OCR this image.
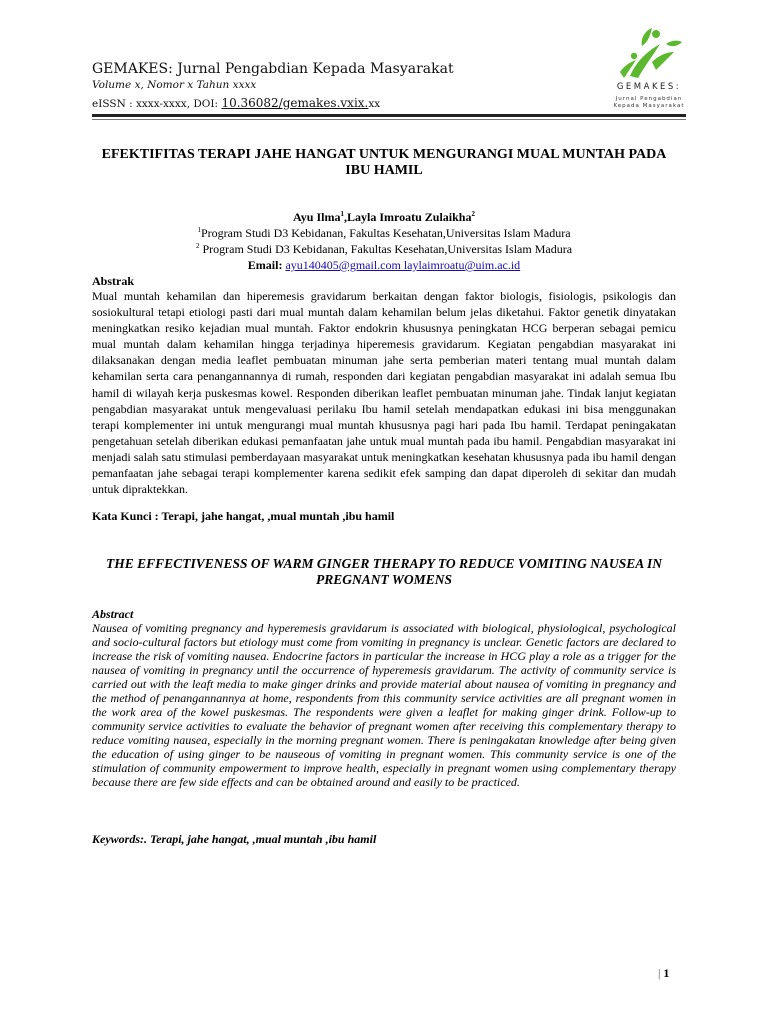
GEMAKES: Jurnal Pengabdian Kepada Masyarakat
Volume x, Nomor x Tahun xxxx
eISSN : xxxx-xxxx, DOI: 10.36082/gemakes.vxix.xx
GEMAKES:
Jurnal Pengabdian
Kepada Masyarakat
EFEKTIFITAS TERAPI JAHE HANGAT UNTUK MENGURANGI MUAL MUNTAH PADA IBU HAMIL
Ayu Ilma$^1$,Layla Imroatu Zulaikha$^2$
$^1$Program Studi D3 Kebidanan, Fakultas Kesehatan,Universitas Islam Madura
$^2$ Program Studi D3 Kebidanan, Fakultas Kesehatan,Universitas Islam Madura
Email: ayu140405@gmail.com laylaimroatu@uim.ac.id
Abstrak
Mual muntah kehamilan dan hiperemesis gravidarum berkaitan dengan faktor biologis, fisiologis, psikologis dan sosiokultural tetapi etiologi pasti dari mual muntah dalam kehamilan belum jelas diketahui. Faktor genetik dinyatakan meningkatkan resiko kejadian mual muntah. Faktor endokrin khususnya peningkatan HCG berperan sebagai pemicu mual muntah dalam kehamilan hingga terjadinya hiperemesis gravidarum. Kegiatan pengabdian masyarakat ini dilaksanakan dengan media leaflet pembuatan minuman jahe serta pemberian materi tentang mual muntah dalam kehamilan serta cara penangannannya di rumah, responden dari kegiatan pengabdian masyarakat ini adalah semua Ibu hamil di wilayah kerja puskesmas kowel. Responden diberikan leaflet pembuatan minuman jahe. Tindak lanjut kegiatan pengabdian masyarakat untuk mengevaluasi perilaku Ibu hamil setelah mendapatkan edukasi ini bisa menggunakan terapi komplementer ini untuk mengurangi mual muntah khususnya pagi hari pada Ibu hamil. Terdapat peningakatan pengetahuan setelah diberikan edukasi pemanfaatan jahe untuk mual muntah pada ibu hamil. Pengabdian masyarakat ini menjadi salah satu stimulasi pemberdayaan masyarakat untuk meningkatkan kesehatan khususnya pada ibu hamil dengan pemanfaatan jahe sebagai terapi komplementer karena sedikit efek samping dan dapat diperoleh di sekitar dan mudah untuk dipraktekkan.
Kata Kunci : Terapi, jahe hangat, ,mual muntah ,ibu hamil
THE EFFECTIVENESS OF WARM GINGER THERAPY TO REDUCE VOMITING NAUSEA IN PREGNANT WOMENS
Abstract
Nausea of vomiting pregnancy and hyperemesis gravidarum is associated with biological, physiological, psychological and socio-cultural factors but etiology must come from vomiting in pregnancy is unclear. Genetic factors are declared to increase the risk of vomiting nausea. Endocrine factors in particular the increase in HCG play a role as a trigger for the nausea of vomiting in pregnancy until the occurrence of hyperemesis gravidarum. The activity of community service is carried out with the leaft media to make ginger drinks and provide material about nausea of vomiting in pregnancy and the method of penangannannya at home, respondents from this community service activities are all pregnant women in the work area of the kowel puskesmas. The respondents were given a leaflet for making ginger drink. Follow-up to community service activities to evaluate the behavior of pregnant women after receiving this complementary therapy to reduce vomiting nausea, especially in the morning pregnant women. There is peningakatan knowledge after being given the education of using ginger to be nauseous of vomiting in pregnant women. This community service is one of the stimulation of community empowerment to improve health, especially in pregnant women using complementary therapy because there are few side effects and can be obtained around and easily to be practiced.
Keywords:. Terapi, jahe hangat, ,mual muntah ,ibu hamil
| 1
